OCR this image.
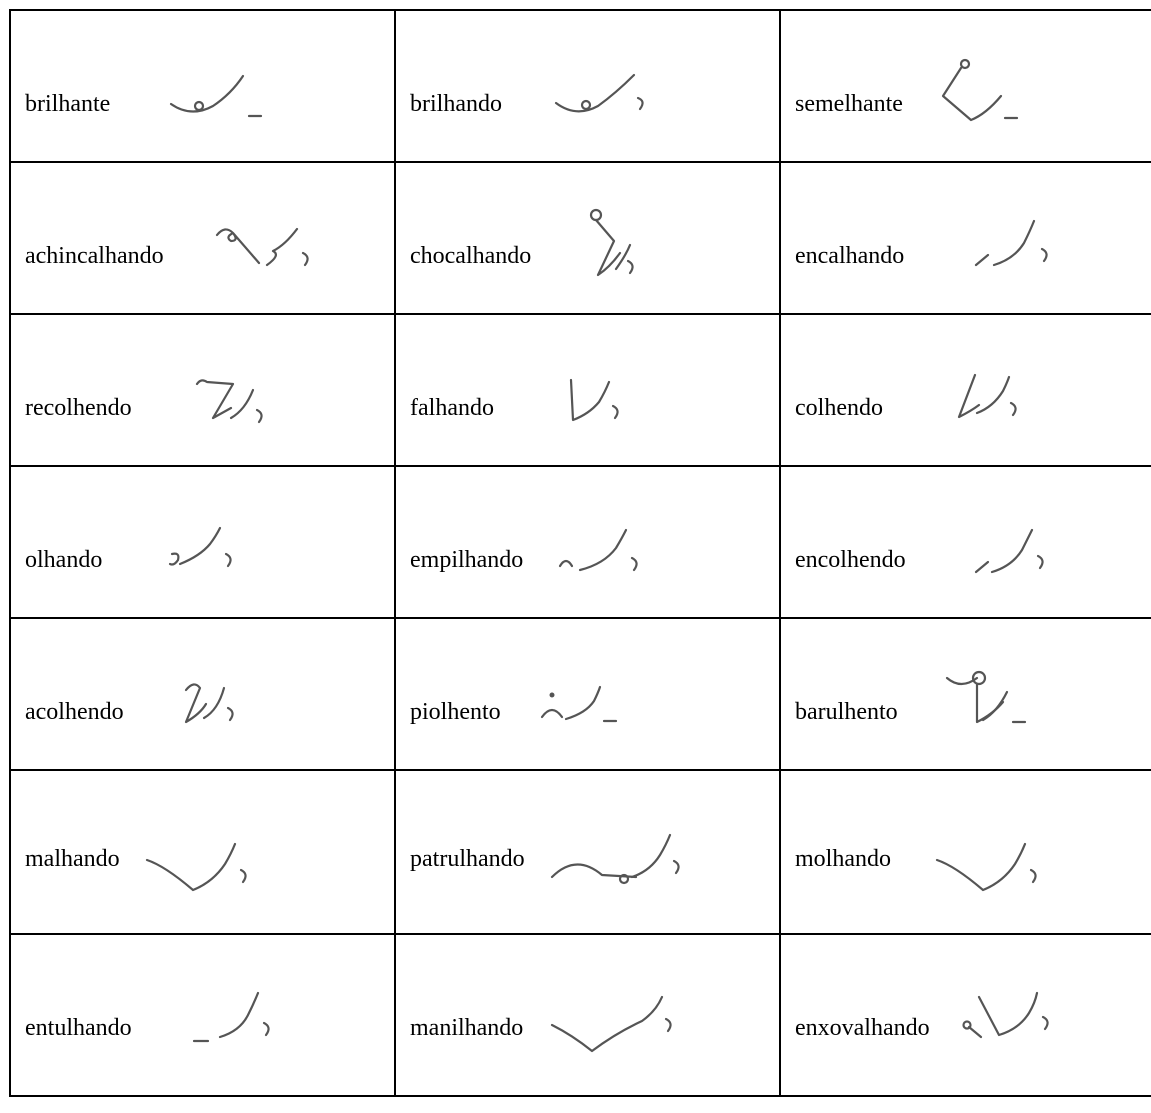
brilhante	brilhando	semelhante

achincalhando	chocalhando	encalhando

recolhendo	falhando	colhendo

olhando	empilhando	encolhendo

acolhendo	piolhento	barulhento

malhando	patrulhando	molhando

entulhando	manilhando	enxovalhando
